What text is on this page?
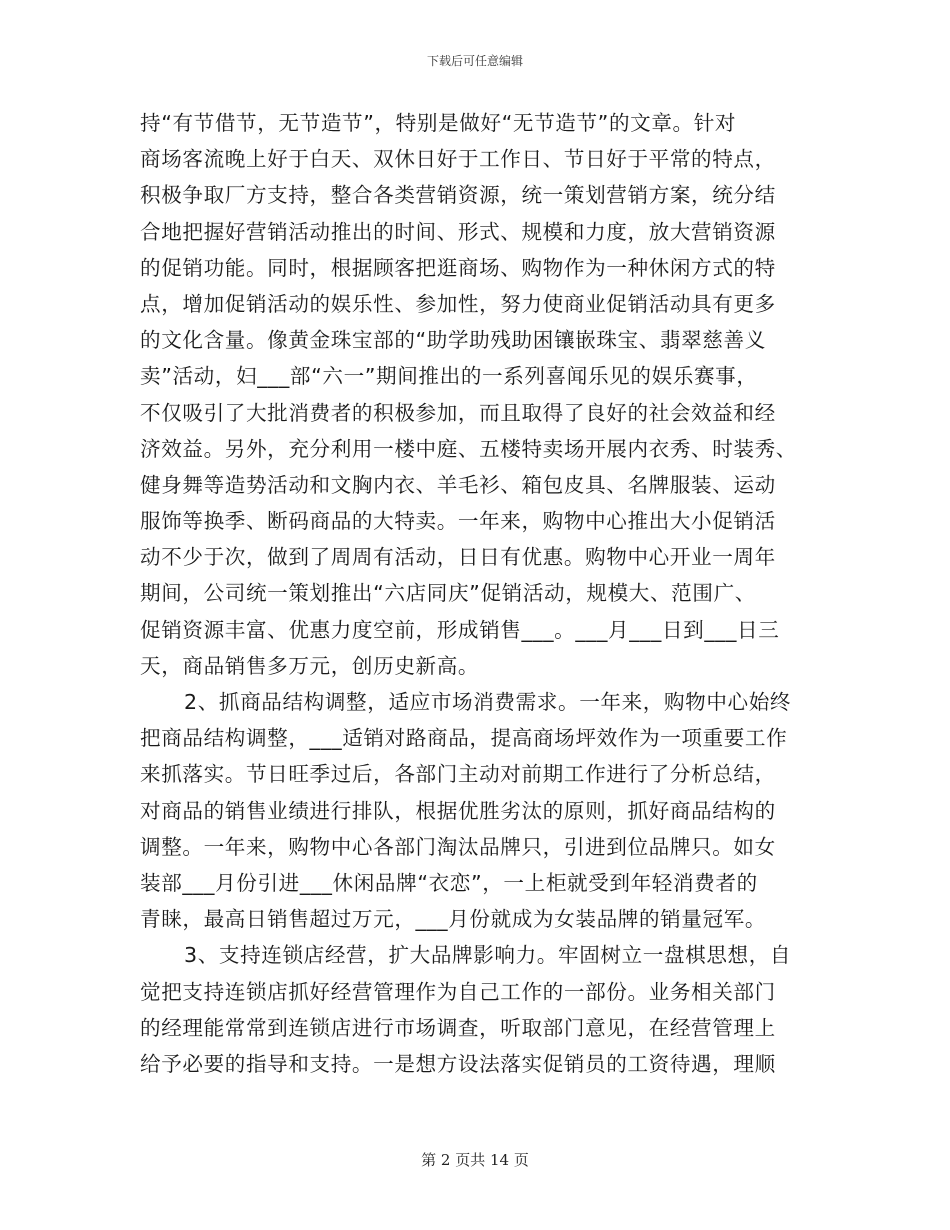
下载后可任意编辑
持“有节借节，无节造节”，特别是做好“无节造节”的文章。针对
商场客流晚上好于白天、双休日好于工作日、节日好于平常的特点，
积极争取厂方支持，整合各类营销资源，统一策划营销方案，统分结
合地把握好营销活动推出的时间、形式、规模和力度，放大营销资源
的促销功能。同时，根据顾客把逛商场、购物作为一种休闲方式的特
点，增加促销活动的娱乐性、参加性，努力使商业促销活动具有更多
的文化含量。像黄金珠宝部的“助学助残助困镶嵌珠宝、翡翠慈善义
卖”活动，妇___部“六一”期间推出的一系列喜闻乐见的娱乐赛事，
不仅吸引了大批消费者的积极参加，而且取得了良好的社会效益和经
济效益。另外，充分利用一楼中庭、五楼特卖场开展内衣秀、时装秀、
健身舞等造势活动和文胸内衣、羊毛衫、箱包皮具、名牌服装、运动
服饰等换季、断码商品的大特卖。一年来，购物中心推出大小促销活
动不少于次，做到了周周有活动，日日有优惠。购物中心开业一周年
期间，公司统一策划推出“六店同庆”促销活动，规模大、范围广、
促销资源丰富、优惠力度空前，形成销售___。___月___日到___日三
天，商品销售多万元，创历史新高。
2、抓商品结构调整，适应市场消费需求。一年来，购物中心始终
把商品结构调整，___适销对路商品，提高商场坪效作为一项重要工作
来抓落实。节日旺季过后，各部门主动对前期工作进行了分析总结，
对商品的销售业绩进行排队，根据优胜劣汰的原则，抓好商品结构的
调整。一年来，购物中心各部门淘汰品牌只，引进到位品牌只。如女
装部___月份引进___休闲品牌“衣恋”，一上柜就受到年轻消费者的
青睐，最高日销售超过万元，___月份就成为女装品牌的销量冠军。
3、支持连锁店经营，扩大品牌影响力。牢固树立一盘棋思想，自
觉把支持连锁店抓好经营管理作为自己工作的一部份。业务相关部门
的经理能常常到连锁店进行市场调查，听取部门意见，在经营管理上
给予必要的指导和支持。一是想方设法落实促销员的工资待遇，理顺
第 2 页共 14 页
